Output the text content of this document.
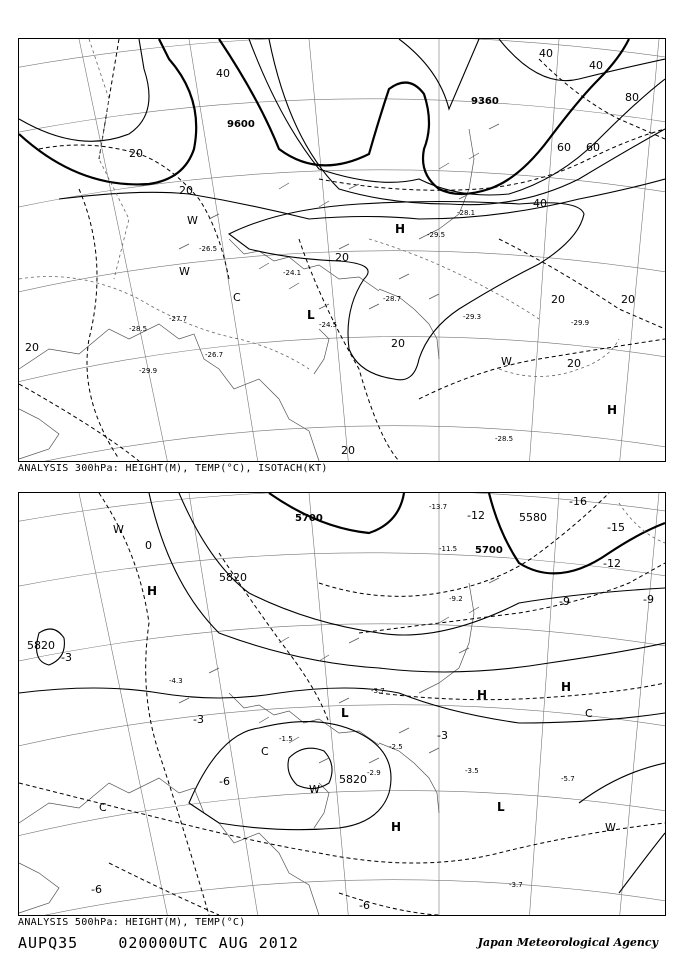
9600
9360
40
20
40
40
60
60
80
40
20
20
20
20	20
20
20
20
-29.5
-28.5
-28.1
-26.7
-28.7
-29.3
-29.9
-29.9
-28.5
-24.5
-26.5
-24.1
-27.7
H
H
L
C
W
W
W
ANALYSIS 300hPa: HEIGHT(M), TEMP(°C), ISOTACH(KT)
5700	5580
5700
5820
5820
5820
-12
-16
-15
-12
-9	-9
-6
-3
-3
-3
-6
-6
0
-13.7
-11.5
-9.2
-3.7
-2.9
-2.5
-3.5
-5.7
-3.7
-1.5
-4.3
H
H
H
H
L
L	C
C
C
W
W
W
ANALYSIS 500hPa: HEIGHT(M), TEMP(°C)
AUPQ35	020000UTC AUG 2012	Japan Meteorological Agency
